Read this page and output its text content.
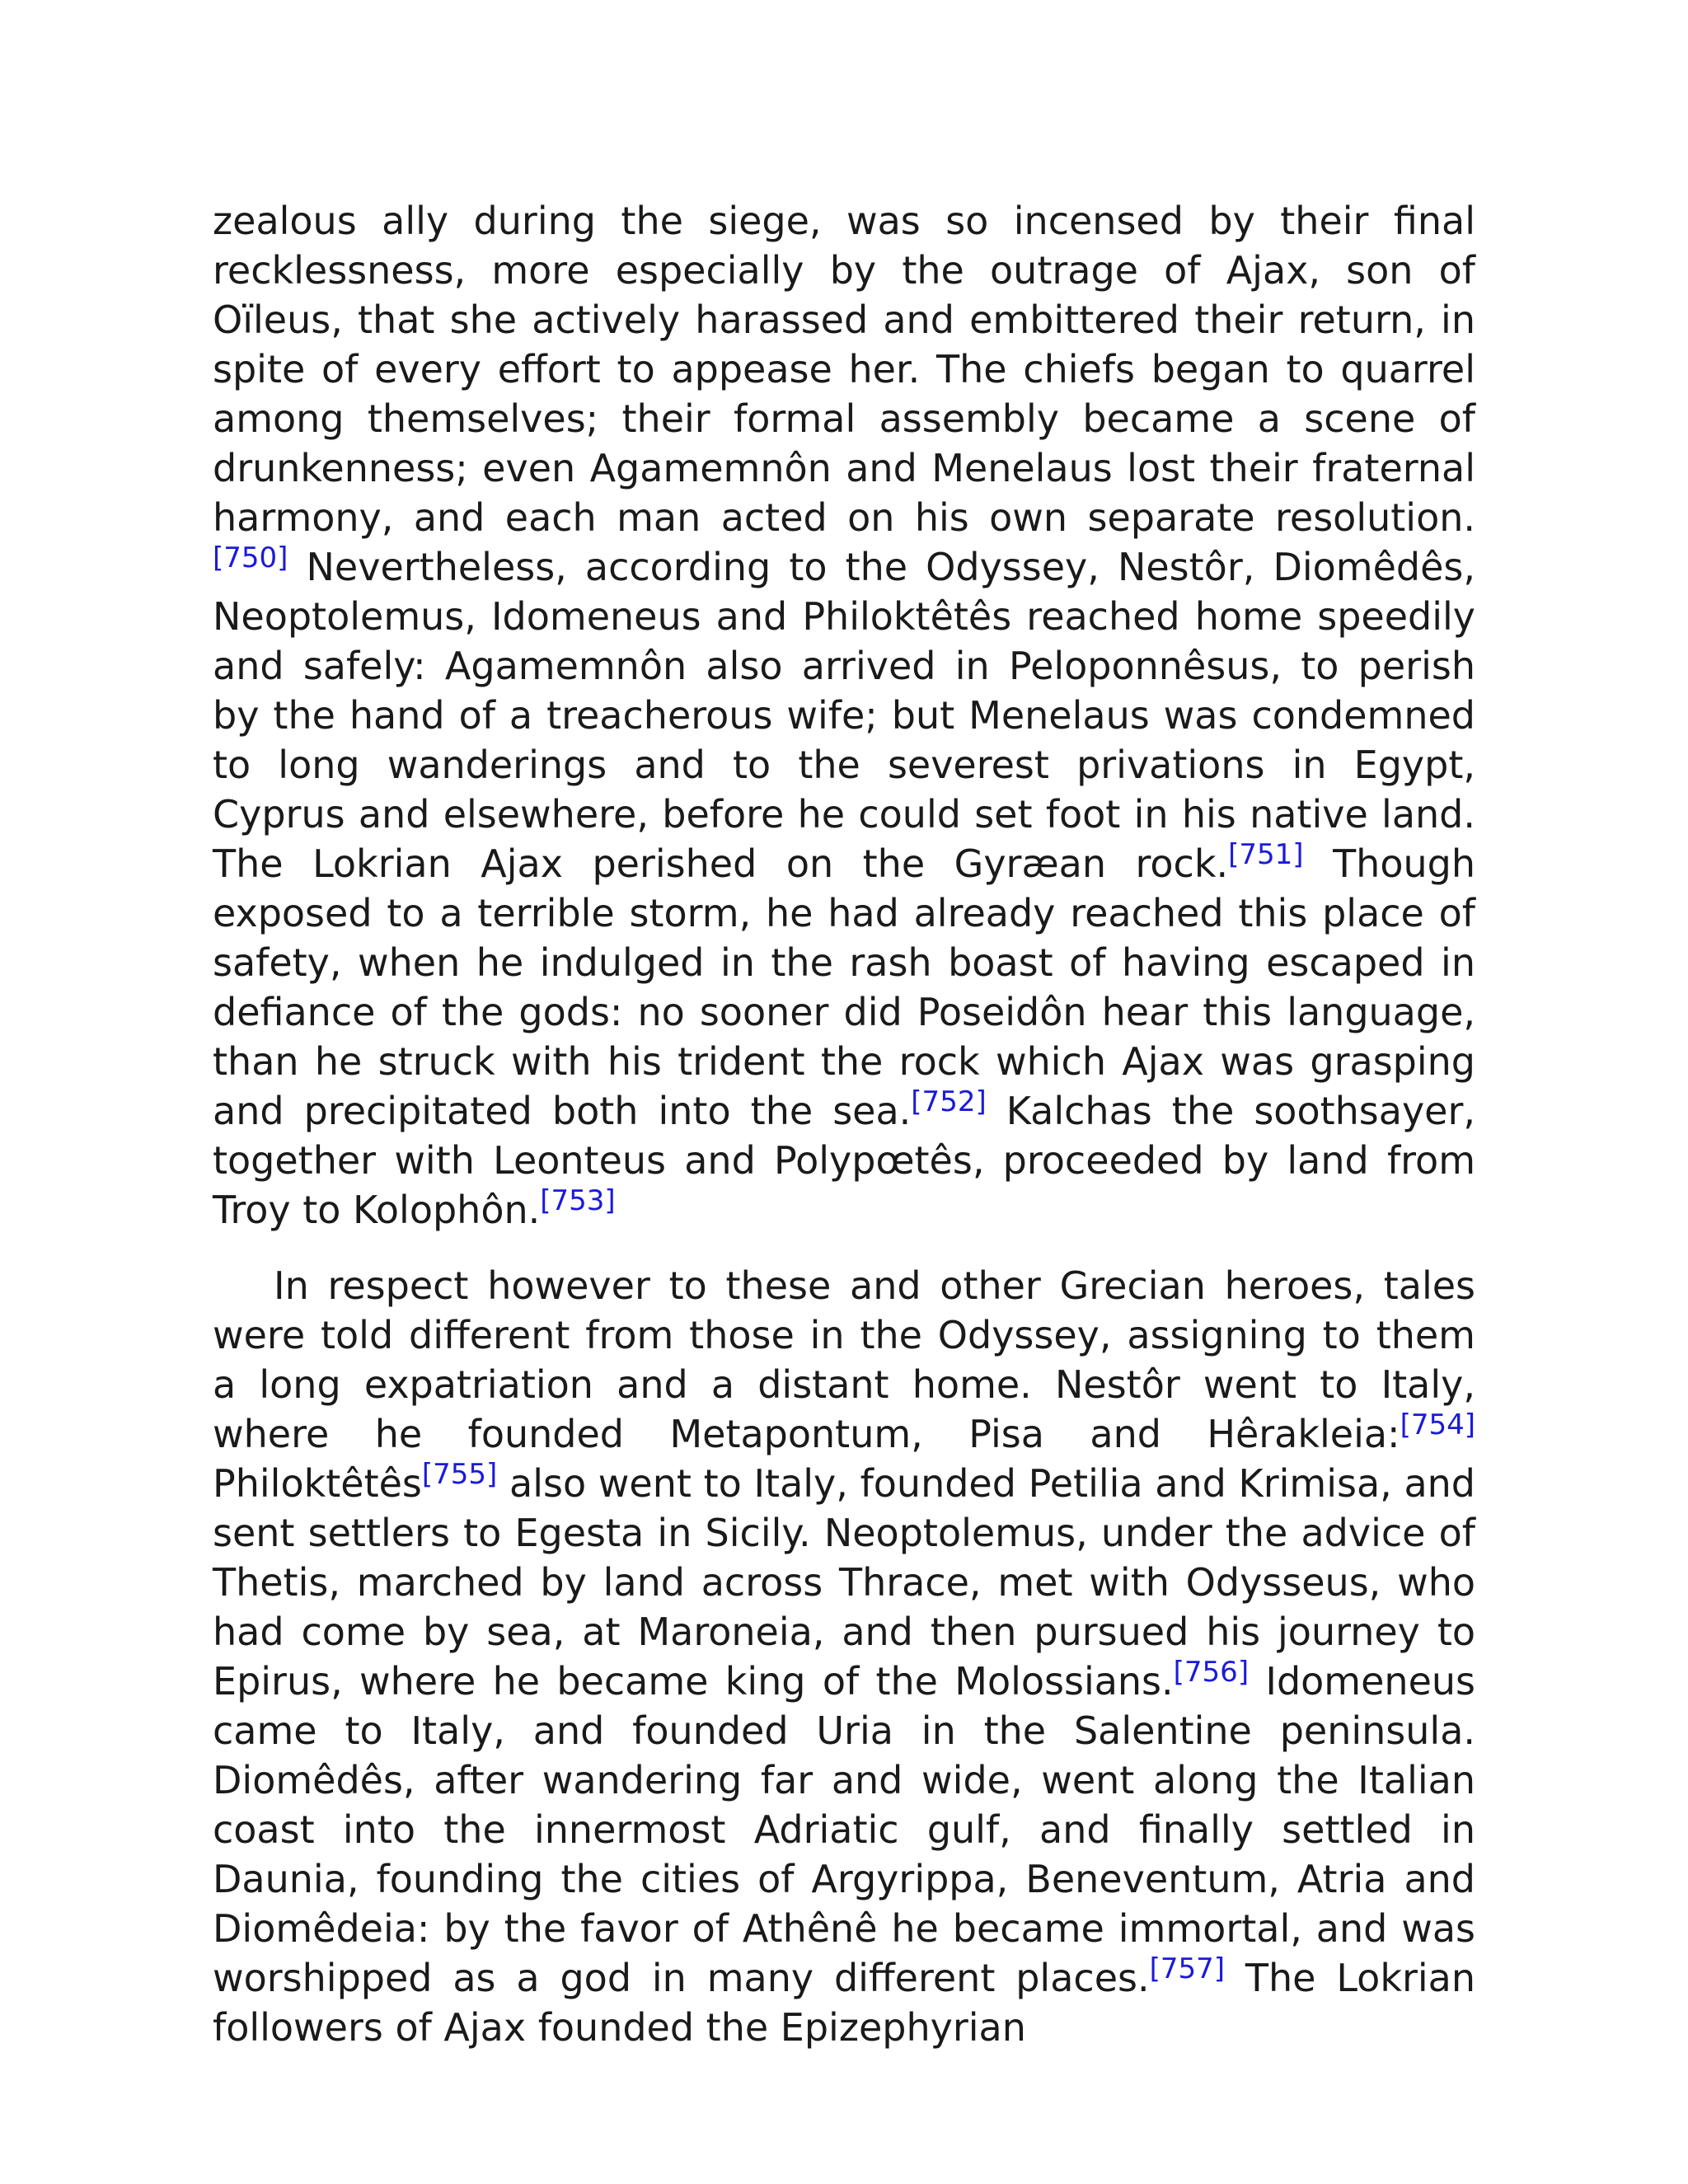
zealous ally during the siege, was so incensed by their final recklessness, more especially by the outrage of Ajax, son of Oïleus, that she actively harassed and embittered their return, in spite of every effort to appease her. The chiefs began to quarrel among themselves; their formal assembly became a scene of drunkenness; even Agamemnôn and Menelaus lost their fraternal harmony, and each man acted on his own separate resolution.[750] Nevertheless, according to the Odyssey, Nestôr, Diomêdês, Neoptolemus, Idomeneus and Philoktêtês reached home speedily and safely: Agamemnôn also arrived in Peloponnêsus, to perish by the hand of a treacherous wife; but Menelaus was condemned to long wanderings and to the severest privations in Egypt, Cyprus and elsewhere, before he could set foot in his native land. The Lokrian Ajax perished on the Gyræan rock.[751] Though exposed to a terrible storm, he had already reached this place of safety, when he indulged in the rash boast of having escaped in defiance of the gods: no sooner did Poseidôn hear this language, than he struck with his trident the rock which Ajax was grasping and precipitated both into the sea.[752] Kalchas the soothsayer, together with Leonteus and Polypœtês, proceeded by land from Troy to Kolophôn.[753]

In respect however to these and other Grecian heroes, tales were told different from those in the Odyssey, assigning to them a long expatriation and a distant home. Nestôr went to Italy, where he founded Metapontum, Pisa and Hêrakleia:[754] Philoktêtês[755] also went to Italy, founded Petilia and Krimisa, and sent settlers to Egesta in Sicily. Neoptolemus, under the advice of Thetis, marched by land across Thrace, met with Odysseus, who had come by sea, at Maroneia, and then pursued his journey to Epirus, where he became king of the Molossians.[756] Idomeneus came to Italy, and founded Uria in the Salentine peninsula. Diomêdês, after wandering far and wide, went along the Italian coast into the innermost Adriatic gulf, and finally settled in Daunia, founding the cities of Argyrippa, Beneventum, Atria and Diomêdeia: by the favor of Athênê he became immortal, and was worshipped as a god in many different places.[757] The Lokrian followers of Ajax founded the Epizephyrian
